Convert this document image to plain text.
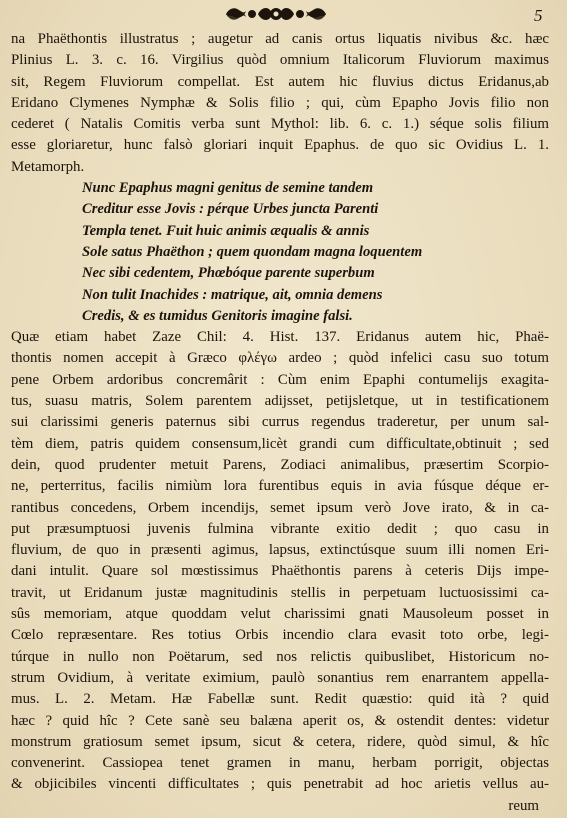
5
na Phaëthontis illustratus ; augetur ad canis ortus liquatis nivibus &c. hæc
Plinius L. 3. c. 16. Virgilius quòd omnium Italicorum Fluviorum maximus
sit, Regem Fluviorum compellat. Est autem hic fluvius dictus Eridanus,ab
Eridano Clymenes Nymphæ & Solis filio ; qui, cùm Epapho Jovis filio non
cederet ( Natalis Comitis verba sunt Mythol: lib. 6. c. 1.) séque solis filium
esse gloriaretur, hunc falsò gloriari inquit Epaphus. de quo sic Ovidius L. 1.
Metamorph.
Nunc Epaphus magni genitus de semine tandem
Creditur esse Jovis : pérque Urbes juncta Parenti
Templa tenet. Fuit huic animis æqualis & annis
Sole satus Phaëthon ; quem quondam magna loquentem
Nec sibi cedentem, Phœbóque parente superbum
Non tulit Inachides : matrique, ait, omnia demens
Credis, & es tumidus Genitoris imagine falsi.
Quæ etiam habet Zaze Chil: 4. Hist. 137. Eridanus autem hic, Phaë-
thontis nomen accepit à Græco φλέγω ardeo ; quòd infelici casu suo totum
pene Orbem ardoribus concremârit : Cùm enim Epaphi contumelijs exagita-
tus, suasu matris, Solem parentem adijsset, petijsletque, ut in testificationem
sui clarissimi generis paternus sibi currus regendus traderetur, per unum sal-
tèm diem, patris quidem consensum,licèt grandi cum difficultate,obtinuit ; sed
dein, quod prudenter metuit Parens, Zodiaci animalibus, præsertim Scorpio-
ne, perterritus, facilis nimiùm lora furentibus equis in avia fúsque déque er-
rantibus concedens, Orbem incendijs, semet ipsum verò Jove irato, & in ca-
put præsumptuosi juvenis fulmina vibrante exitio dedit ; quo casu in
fluvium, de quo in præsenti agimus, lapsus, extinctúsque suum illi nomen Eri-
dani intulit. Quare sol mœstissimus Phaëthontis parens à ceteris Dijs impe-
travit, ut Eridanum justæ magnitudinis stellis in perpetuam luctuosissimi ca-
sûs memoriam, atque quoddam velut charissimi gnati Mausoleum posset in
Cœlo repræsentare. Res totius Orbis incendio clara evasit toto orbe, legi-
túrque in nullo non Poëtarum, sed nos relictis quibuslibet, Historicum no-
strum Ovidium, à veritate eximium, paulò sonantius rem enarrantem appella-
mus. L. 2. Metam. Hæ Fabellæ sunt. Redit quæstio: quid ità ? quid
hæc ? quid hîc ? Cete sanè seu balæna aperit os, & ostendit dentes: videtur
monstrum gratiosum semet ipsum, sicut & cetera, ridere, quòd simul, & hîc
convenerint. Cassiopea tenet gramen in manu, herbam porrigit, objectas
& objicibiles vincenti difficultates ; quis penetrabit ad hoc arietis vellus au-
reum
